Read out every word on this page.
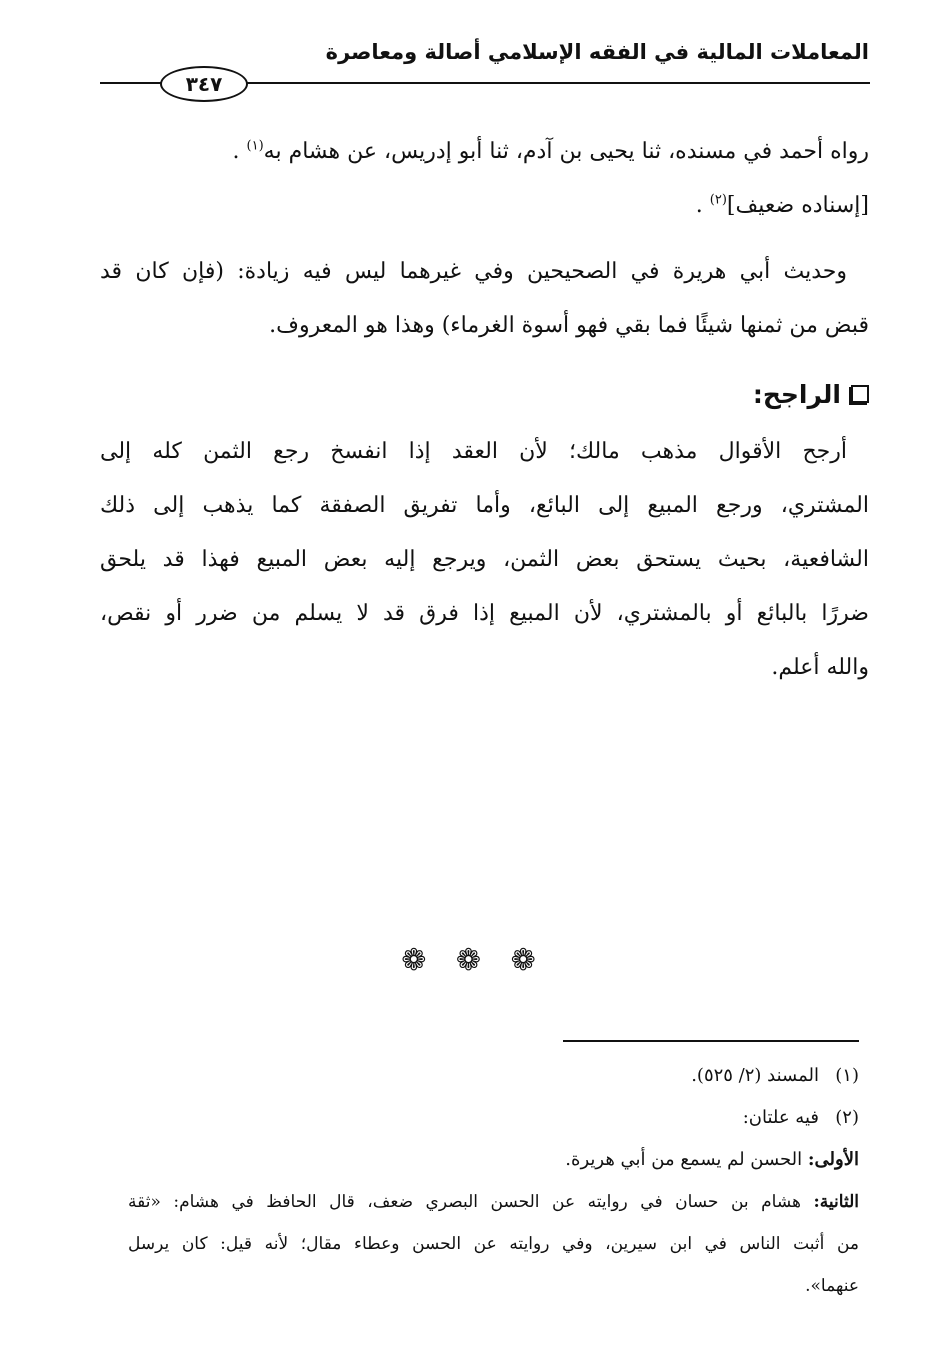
المعاملات المالية في الفقه الإسلامي أصالة ومعاصرة
٣٤٧
رواه أحمد في مسنده، ثنا يحيى بن آدم، ثنا أبو إدريس، عن هشام به$^{(١)}$ .
[إسناده ضعيف]$^{(٢)}$ .
وحديث أبي هريرة في الصحيحين وفي غيرهما ليس فيه زيادة: (فإن كان قد
قبض من ثمنها شيئًا فما بقي فهو أسوة الغرماء) وهذا هو المعروف.
الراجح:
أرجح الأقوال مذهب مالك؛ لأن العقد إذا انفسخ رجع الثمن كله إلى
المشتري، ورجع المبيع إلى البائع، وأما تفريق الصفقة كما يذهب إلى ذلك
الشافعية، بحيث يستحق بعض الثمن، ويرجع إليه بعض المبيع فهذا قد يلحق
ضررًا بالبائع أو بالمشتري، لأن المبيع إذا فرق قد لا يسلم من ضرر أو نقص،
والله أعلم.
❁ ❁ ❁
(١)المسند (٢/ ٥٢٥).
(٢)فيه علتان:
الأولى: الحسن لم يسمع من أبي هريرة.
الثانية: هشام بن حسان في روايته عن الحسن البصري ضعف، قال الحافظ في هشام: «ثقة
من أثبت الناس في ابن سيرين، وفي روايته عن الحسن وعطاء مقال؛ لأنه قيل: كان يرسل
عنهما».
